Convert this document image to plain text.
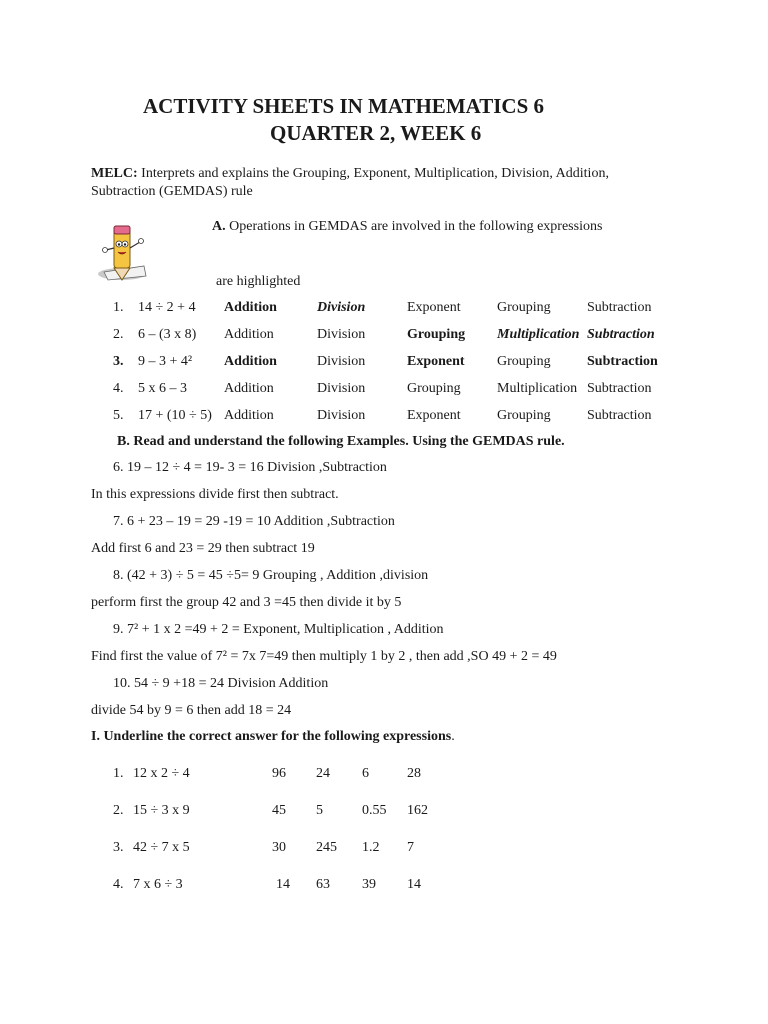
ACTIVITY SHEETS IN MATHEMATICS 6
QUARTER 2, WEEK 6
MELC: Interprets and explains the Grouping, Exponent, Multiplication, Division, Addition,
Subtraction (GEMDAS) rule
A. Operations in GEMDAS are involved in the following expressions
are highlighted
1. 14 ÷ 2 + 4 Addition	Division	Exponent	Grouping	Subtraction
2. 6 – (3 x 8) Addition	Division	Grouping Multiplication Subtraction
3. 9 – 3 + 4² Addition	Division	Exponent Grouping	Subtraction
4. 5 x 6 – 3	Addition	Division	Grouping	Multiplication Subtraction
5. 17 + (10 ÷ 5) Addition	Division	Exponent	Grouping	Subtraction
B. Read and understand the following Examples. Using the GEMDAS rule.
6. 19 – 12 ÷ 4 = 19- 3 = 16 Division ,Subtraction
In this expressions divide first then subtract.
7. 6 + 23 – 19 = 29 -19 = 10 Addition ,Subtraction
Add first 6 and 23 = 29 then subtract 19
8. (42 + 3) ÷ 5 = 45 ÷5= 9 Grouping , Addition ,division
perform first the group 42 and 3 =45 then divide it by 5
9. 7² + 1 x 2 =49 + 2 = Exponent, Multiplication , Addition
Find first the value of 7² = 7x 7=49 then multiply 1 by 2 , then add ,SO 49 + 2 = 49
10. 54 ÷ 9 +18 = 24 Division Addition
divide 54 by 9 = 6 then add 18 = 24
I. Underline the correct answer for the following expressions.
1. 12 x 2 ÷ 4	96 24 6	28
2. 15 ÷ 3 x 9	45 5	0.55 162
3. 42 ÷ 7 x 5	30 245 1.2 7
4. 7 x 6 ÷ 3	14 63 39 14
